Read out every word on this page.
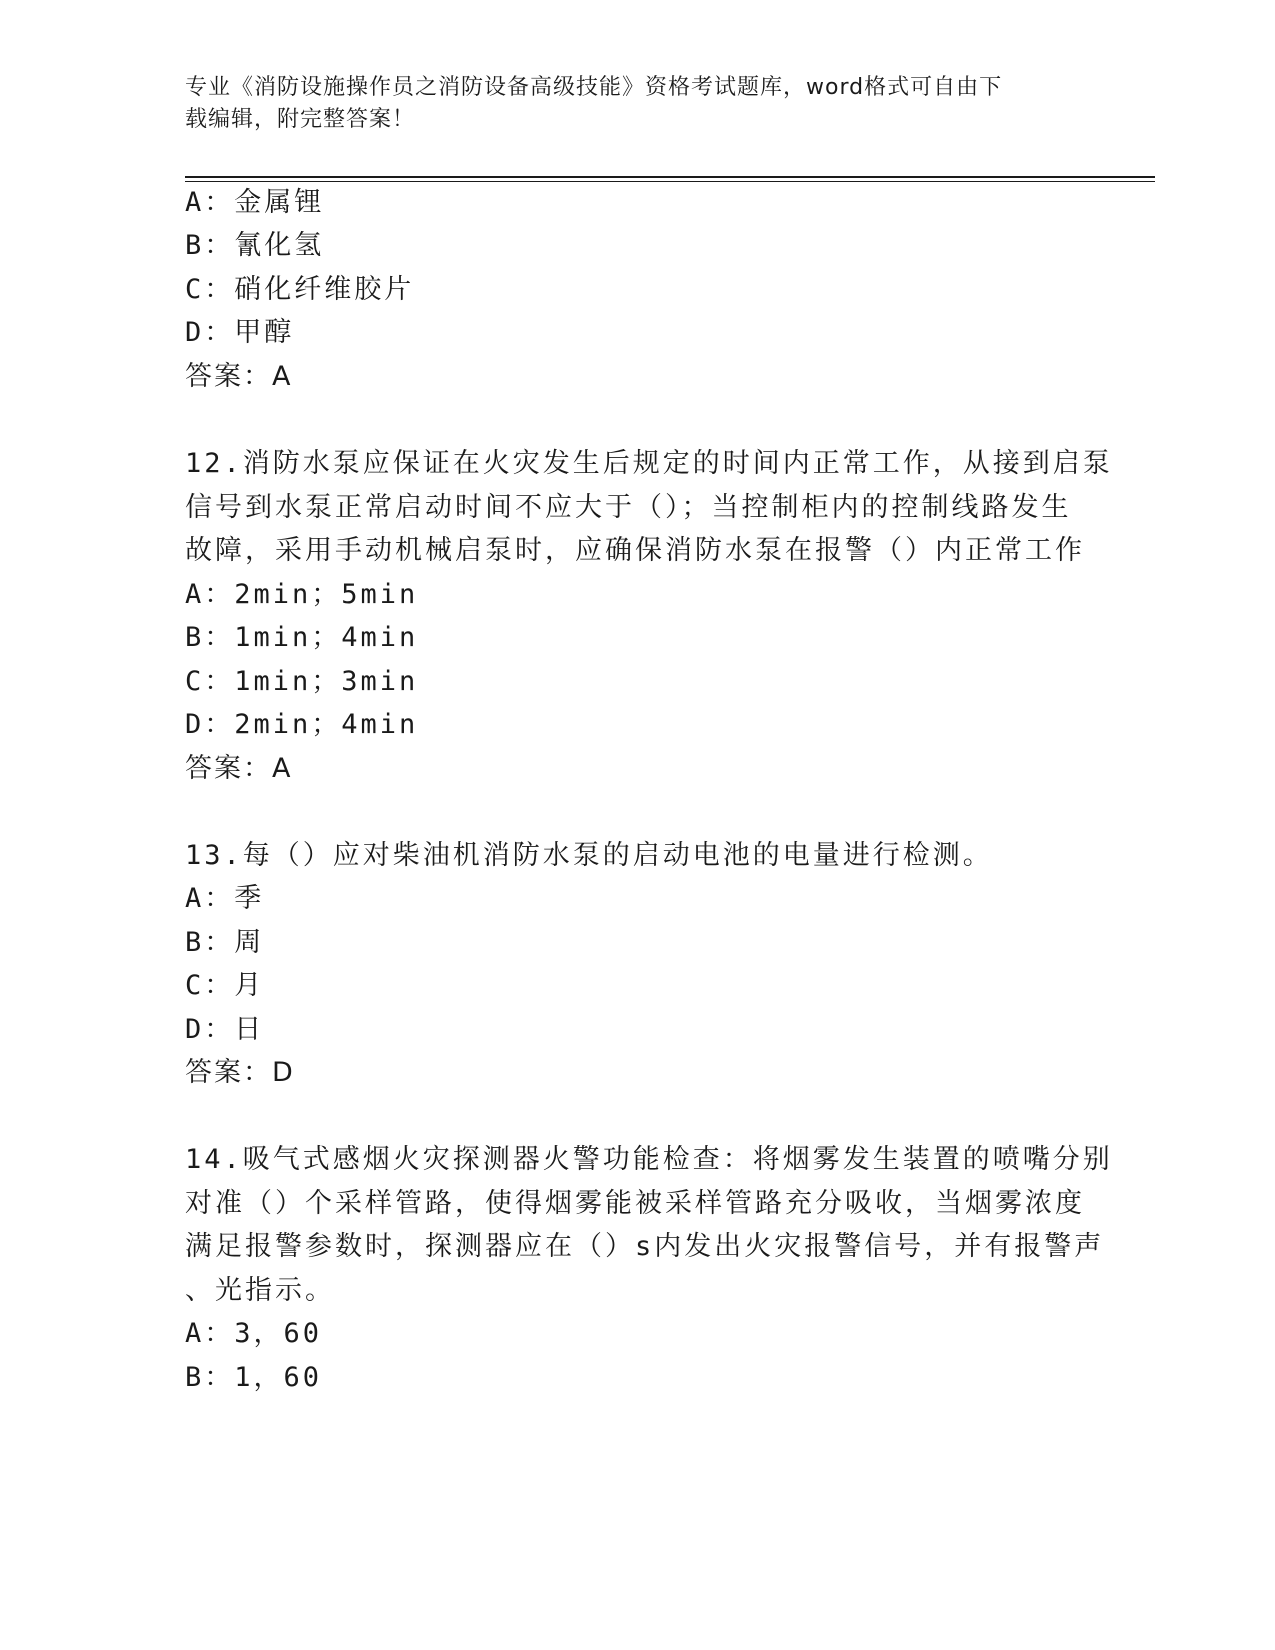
专业《消防设施操作员之消防设备高级技能》资格考试题库，word格式可自由下
载编辑，附完整答案！
A：金属锂
B：氰化氢
C：硝化纤维胶片
D：甲醇
答案：A
12.消防水泵应保证在火灾发生后规定的时间内正常工作，从接到启泵
信号到水泵正常启动时间不应大于（）；当控制柜内的控制线路发生
故障，采用手动机械启泵时，应确保消防水泵在报警（）内正常工作
A：2min；5min
B：1min；4min
C：1min；3min
D：2min；4min
答案：A
13.每（）应对柴油机消防水泵的启动电池的电量进行检测。
A：季
B：周
C：月
D：日
答案：D
14.吸气式感烟火灾探测器火警功能检查：将烟雾发生装置的喷嘴分别
对准（）个采样管路，使得烟雾能被采样管路充分吸收，当烟雾浓度
满足报警参数时，探测器应在（）s内发出火灾报警信号，并有报警声
、光指示。
A：3，60
B：1，60
